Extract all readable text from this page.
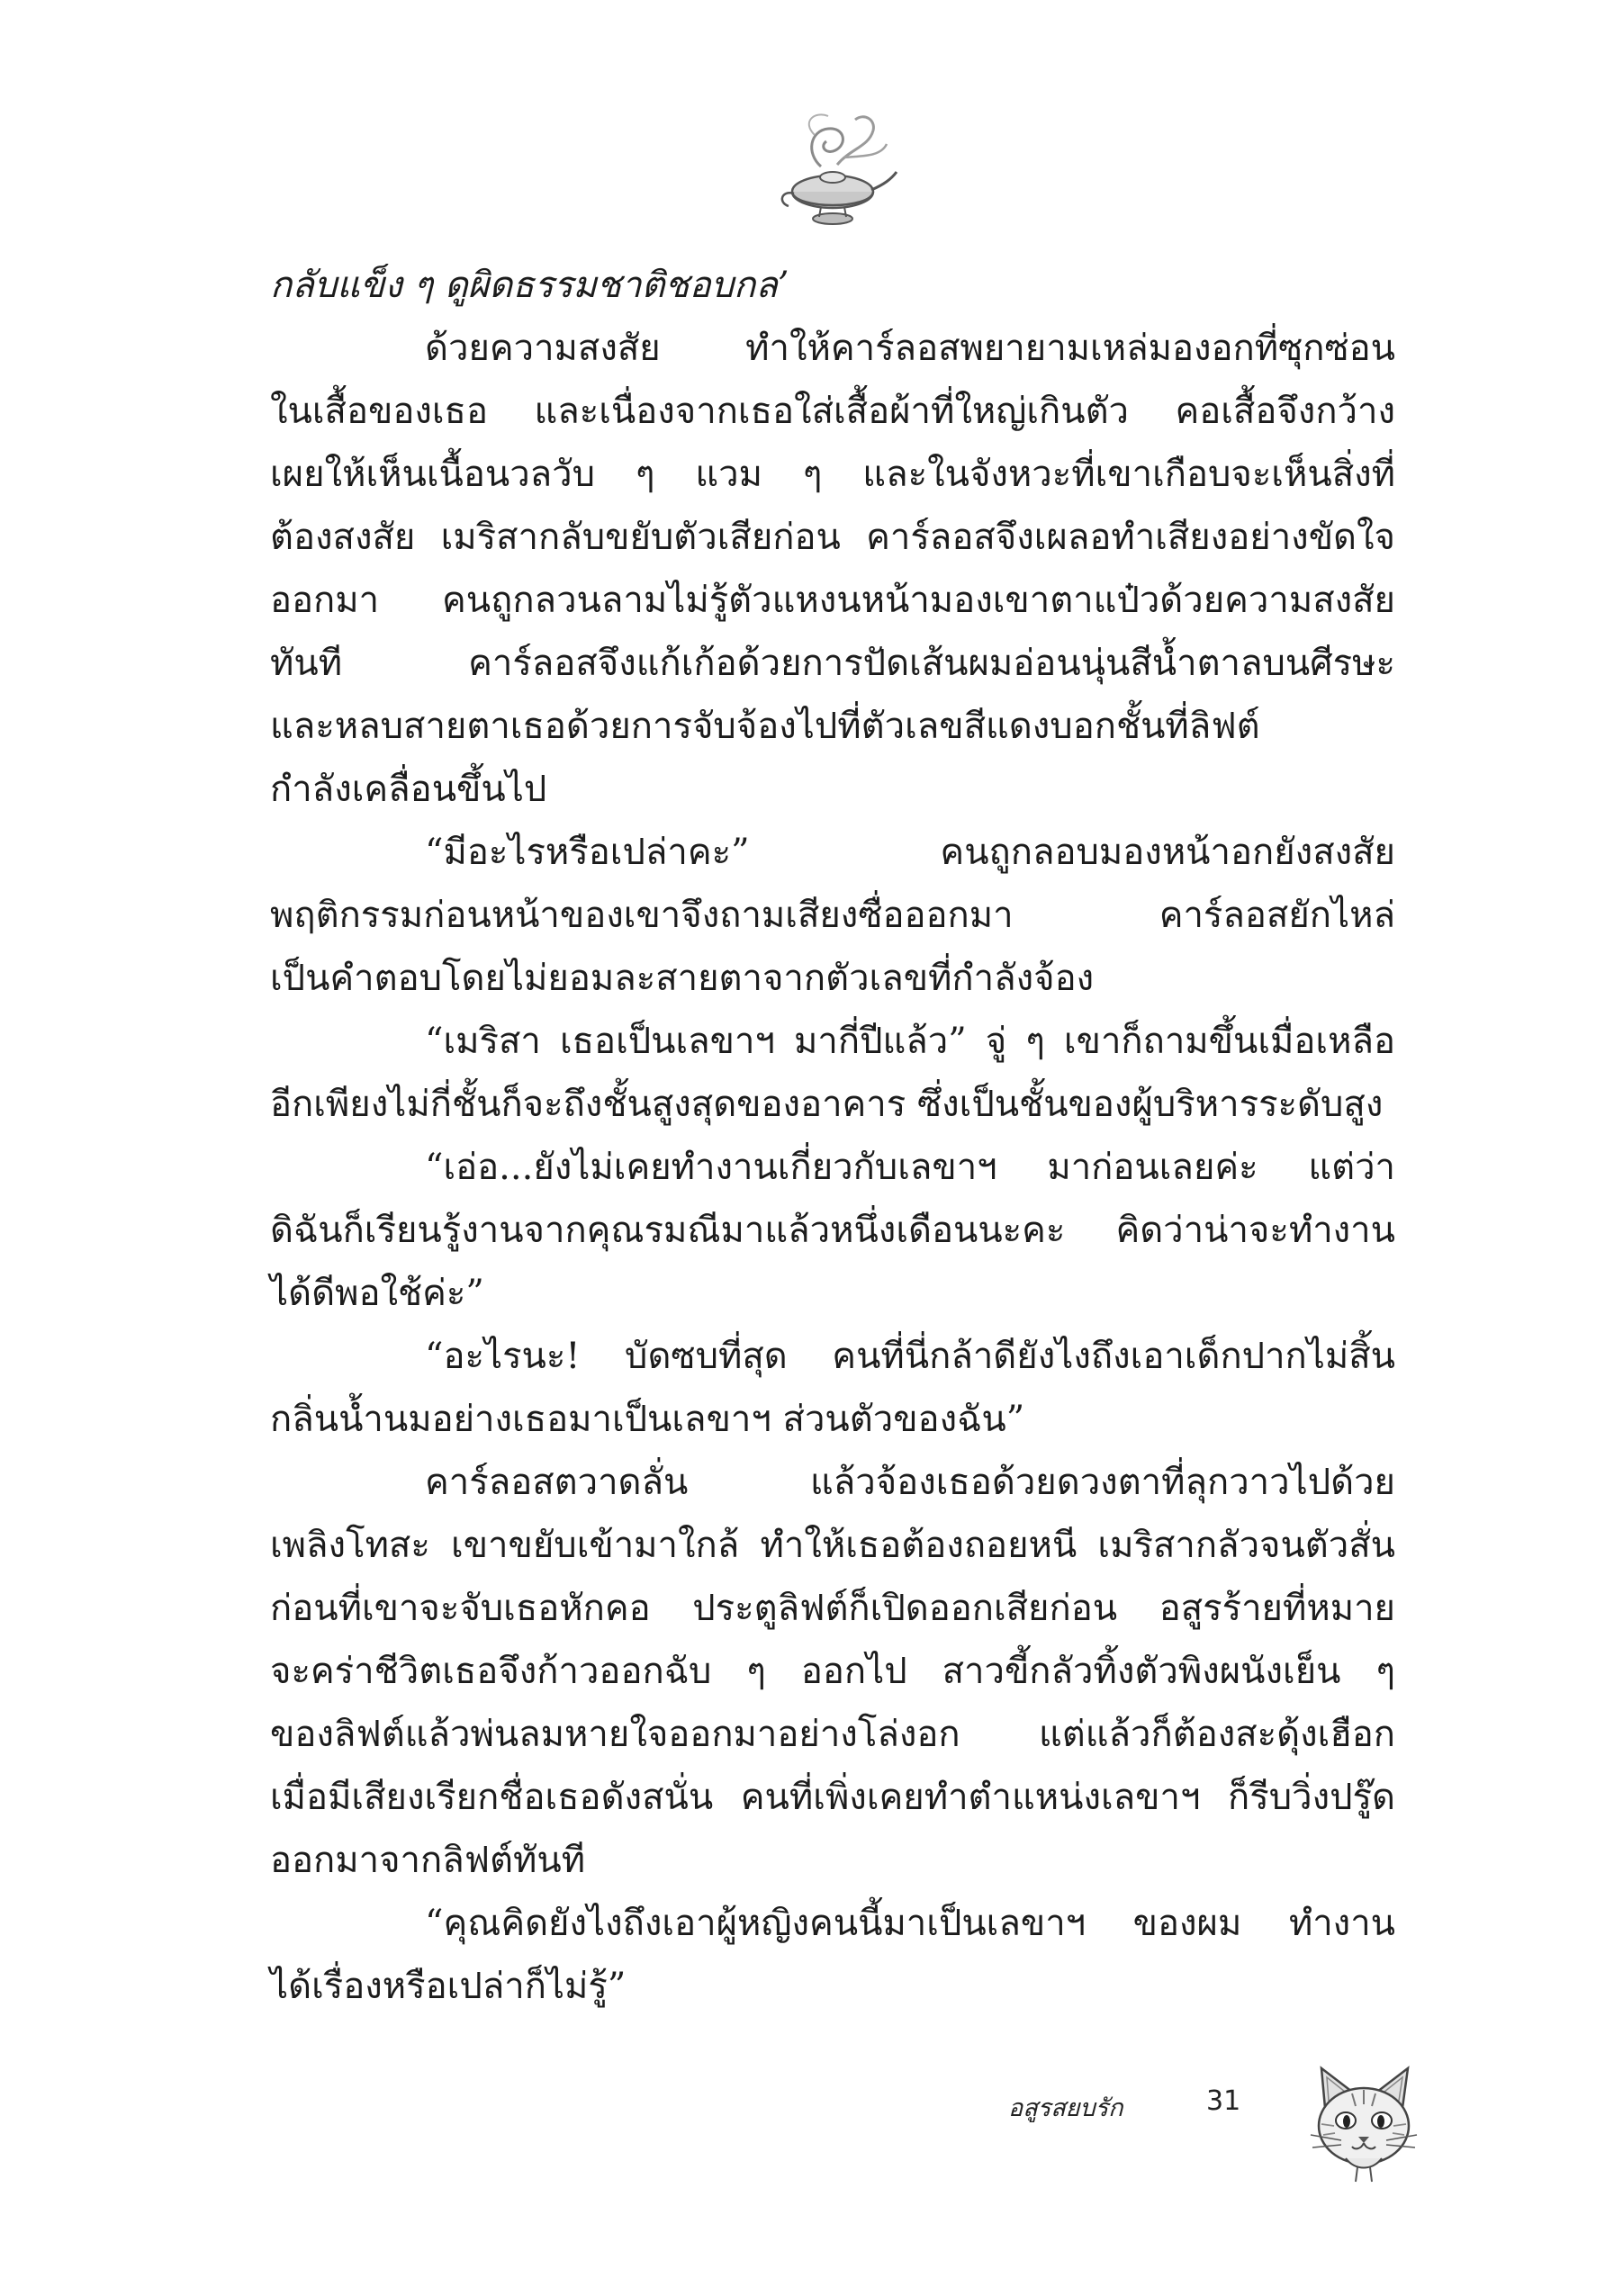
กลับแข็ง ๆ ดูผิดธรรมชาติชอบกล’
ด้วยความสงสัย ทำให้คาร์ลอสพยายามเหล่มองอกที่ซุกซ่อน
ในเสื้อของเธอ และเนื่องจากเธอใส่เสื้อผ้าที่ใหญ่เกินตัว คอเสื้อจึงกว้าง
เผยให้เห็นเนื้อนวลวับ ๆ แวม ๆ และในจังหวะที่เขาเกือบจะเห็นสิ่งที่
ต้องสงสัย เมริสากลับขยับตัวเสียก่อน คาร์ลอสจึงเผลอทำเสียงอย่างขัดใจ
ออกมา คนถูกลวนลามไม่รู้ตัวแหงนหน้ามองเขาตาแป๋วด้วยความสงสัย
ทันที คาร์ลอสจึงแก้เก้อด้วยการปัดเส้นผมอ่อนนุ่นสีน้ำตาลบนศีรษะ
และหลบสายตาเธอด้วยการจับจ้องไปที่ตัวเลขสีแดงบอกชั้นที่ลิฟต์
กำลังเคลื่อนขึ้นไป
“มีอะไรหรือเปล่าคะ” คนถูกลอบมองหน้าอกยังสงสัย
พฤติกรรมก่อนหน้าของเขาจึงถามเสียงซื่อออกมา คาร์ลอสยักไหล่
เป็นคำตอบโดยไม่ยอมละสายตาจากตัวเลขที่กำลังจ้อง
“เมริสา เธอเป็นเลขาฯ มากี่ปีแล้ว” จู่ ๆ เขาก็ถามขึ้นเมื่อเหลือ
อีกเพียงไม่กี่ชั้นก็จะถึงชั้นสูงสุดของอาคาร ซึ่งเป็นชั้นของผู้บริหารระดับสูง
“เอ่อ...ยังไม่เคยทำงานเกี่ยวกับเลขาฯ มาก่อนเลยค่ะ แต่ว่า
ดิฉันก็เรียนรู้งานจากคุณรมณีมาแล้วหนึ่งเดือนนะคะ คิดว่าน่าจะทำงาน
ได้ดีพอใช้ค่ะ”
“อะไรนะ! บัดซบที่สุด คนที่นี่กล้าดียังไงถึงเอาเด็กปากไม่สิ้น
กลิ่นน้ำนมอย่างเธอมาเป็นเลขาฯ ส่วนตัวของฉัน”
คาร์ลอสตวาดลั่น แล้วจ้องเธอด้วยดวงตาที่ลุกวาวไปด้วย
เพลิงโทสะ เขาขยับเข้ามาใกล้ ทำให้เธอต้องถอยหนี เมริสากลัวจนตัวสั่น
ก่อนที่เขาจะจับเธอหักคอ ประตูลิฟต์ก็เปิดออกเสียก่อน อสูรร้ายที่หมาย
จะคร่าชีวิตเธอจึงก้าวออกฉับ ๆ ออกไป สาวขี้กลัวทิ้งตัวพิงผนังเย็น ๆ
ของลิฟต์แล้วพ่นลมหายใจออกมาอย่างโล่งอก แต่แล้วก็ต้องสะดุ้งเฮือก
เมื่อมีเสียงเรียกชื่อเธอดังสนั่น คนที่เพิ่งเคยทำตำแหน่งเลขาฯ ก็รีบวิ่งปรู๊ด
ออกมาจากลิฟต์ทันที
“คุณคิดยังไงถึงเอาผู้หญิงคนนี้มาเป็นเลขาฯ ของผม ทำงาน
ได้เรื่องหรือเปล่าก็ไม่รู้”
อสูรสยบรัก	31
